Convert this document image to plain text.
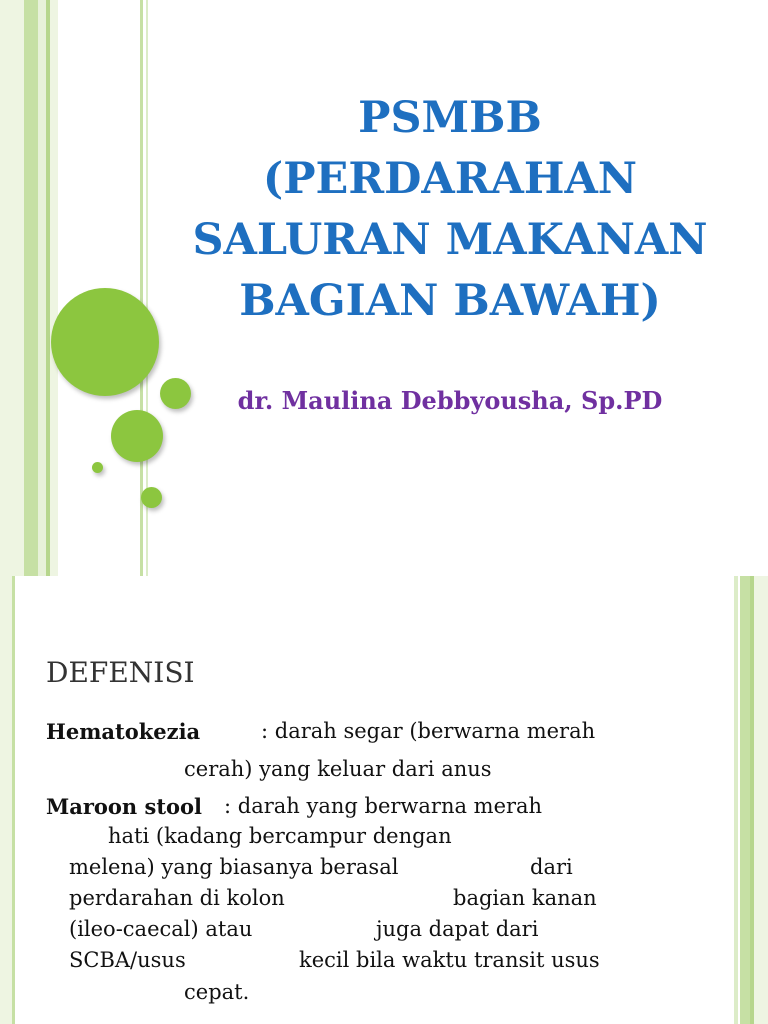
PSMBB
(PERDARAHAN
SALURAN MAKANAN
BAGIAN BAWAH)
dr. Maulina Debbyousha, Sp.PD
DEFENISI
Hematokezia	: darah segar (berwarna merah
cerah) yang keluar dari anus
Maroon stool : darah yang berwarna merah
hati (kadang bercampur dengan
melena) yang biasanya berasal	dari
perdarahan di kolon	bagian kanan
(ileo-caecal) atau	juga dapat dari
SCBA/usus	kecil bila waktu transit usus
cepat.
